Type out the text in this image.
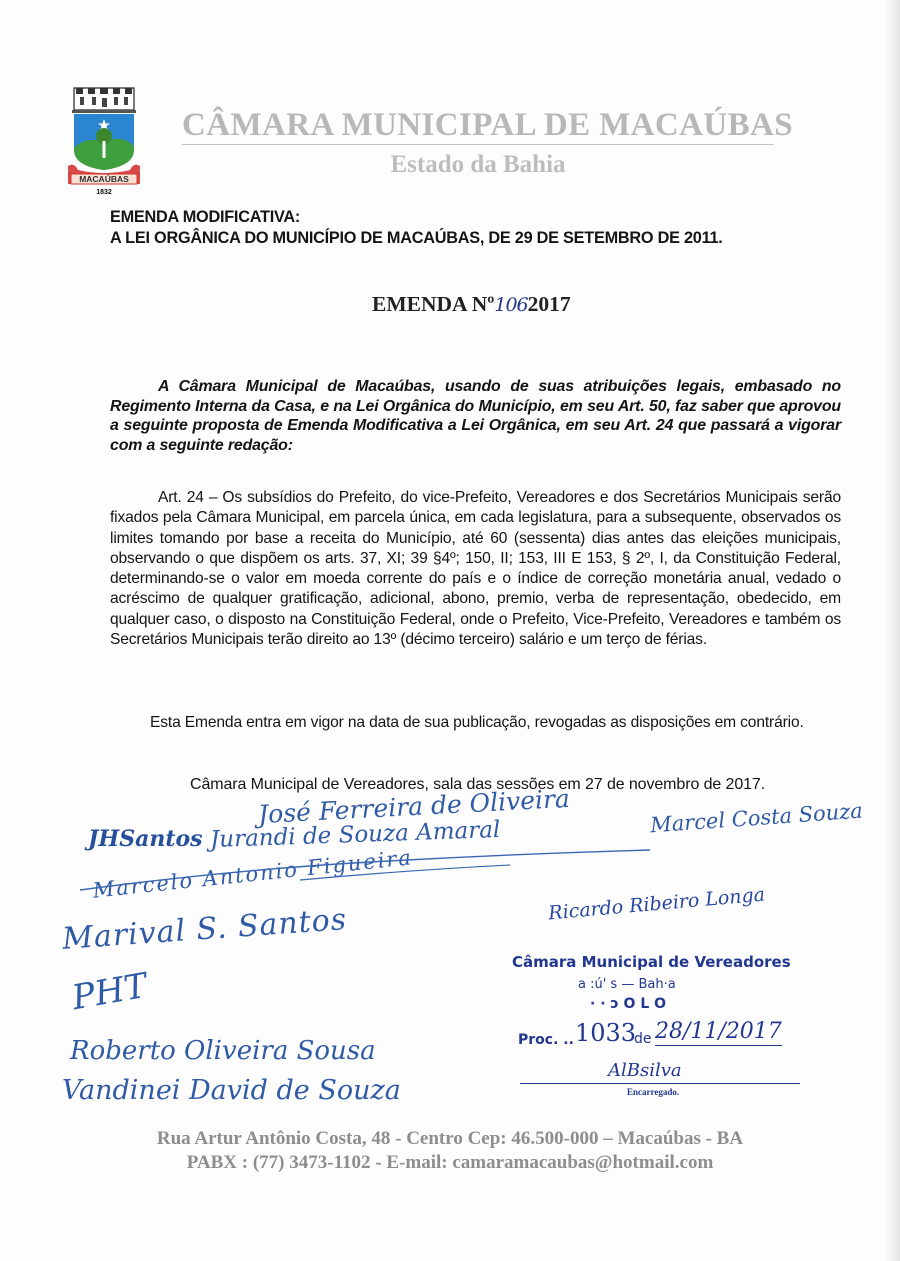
MACAÚBAS
1832
CÂMARA MUNICIPAL DE MACAÚBAS
Estado da Bahia
EMENDA MODIFICATIVA:
A LEI ORGÂNICA DO MUNICÍPIO DE MACAÚBAS, DE 29 DE SETEMBRO DE 2011.
EMENDA Nº1062017
A Câmara Municipal de Macaúbas, usando de suas atribuições legais, embasado no Regimento Interna da Casa, e na Lei Orgânica do Município, em seu Art. 50, faz saber que aprovou a seguinte proposta de Emenda Modificativa a Lei Orgânica, em seu Art. 24 que passará a vigorar com a seguinte redação:
Art. 24 – Os subsídios do Prefeito, do vice-Prefeito, Vereadores e dos Secretários Municipais serão fixados pela Câmara Municipal, em parcela única, em cada legislatura, para a subsequente, observados os limites tomando por base a receita do Município, até 60 (sessenta) dias antes das eleições municipais, observando o que dispõem os arts. 37, XI; 39 §4º; 150, II; 153, III E 153, § 2º, I, da Constituição Federal, determinando-se o valor em moeda corrente do país e o índice de correção monetária anual, vedado o acréscimo de qualquer gratificação, adicional, abono, premio, verba de representação, obedecido, em qualquer caso, o disposto na Constituição Federal, onde o Prefeito, Vice-Prefeito, Vereadores e também os Secretários Municipais terão direito ao 13º (décimo terceiro) salário e um terço de férias.
Esta Emenda entra em vigor na data de sua publicação, revogadas as disposições em contrário.
Câmara Municipal de Vereadores, sala das sessões em 27 de novembro de 2017.
José Ferreira de Oliveira	Marcel Costa Souza
JHSantos Jurandi de Souza Amaral
Marcelo Antonio Figueira
Marival S. Santos	Ricardo Ribeiro Longa
PHT
Roberto Oliveira Sousa
Vandinei David de Souza
Câmara Municipal de Vereadores
a :ú' s — Bah·a
· · ɔ O L O
Proc. .. 1033
de 28/11/2017
AlBsilva
Encarregado.
Rua Artur Antônio Costa, 48 - Centro Cep: 46.500-000 – Macaúbas - BA
PABX : (77) 3473-1102 - E-mail: camaramacaubas@hotmail.com
